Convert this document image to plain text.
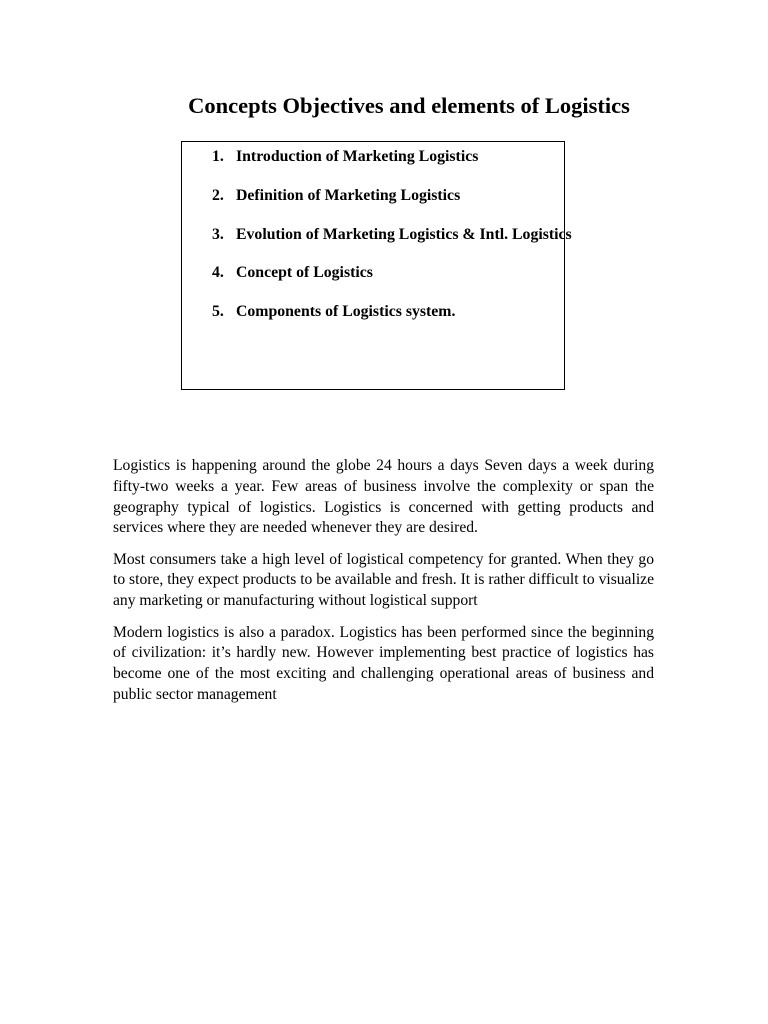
Concepts Objectives and elements of Logistics
1. Introduction of Marketing Logistics
2. Definition of Marketing Logistics
3. Evolution of Marketing Logistics & Intl. Logistics
4. Concept of Logistics
5. Components of Logistics system.

Logistics is happening around the globe 24 hours a days Seven days a week during fifty-two weeks a year. Few areas of business involve the complexity or span the geography typical of logistics. Logistics is concerned with getting products and services where they are needed whenever they are desired.

Most consumers take a high level of logistical competency for granted. When they go to store, they expect products to be available and fresh. It is rather difficult to visualize any marketing or manufacturing without logistical support

Modern logistics is also a paradox. Logistics has been performed since the beginning of civilization: it’s hardly new. However implementing best practice of logistics has become one of the most exciting and challenging operational areas of business and public sector management
